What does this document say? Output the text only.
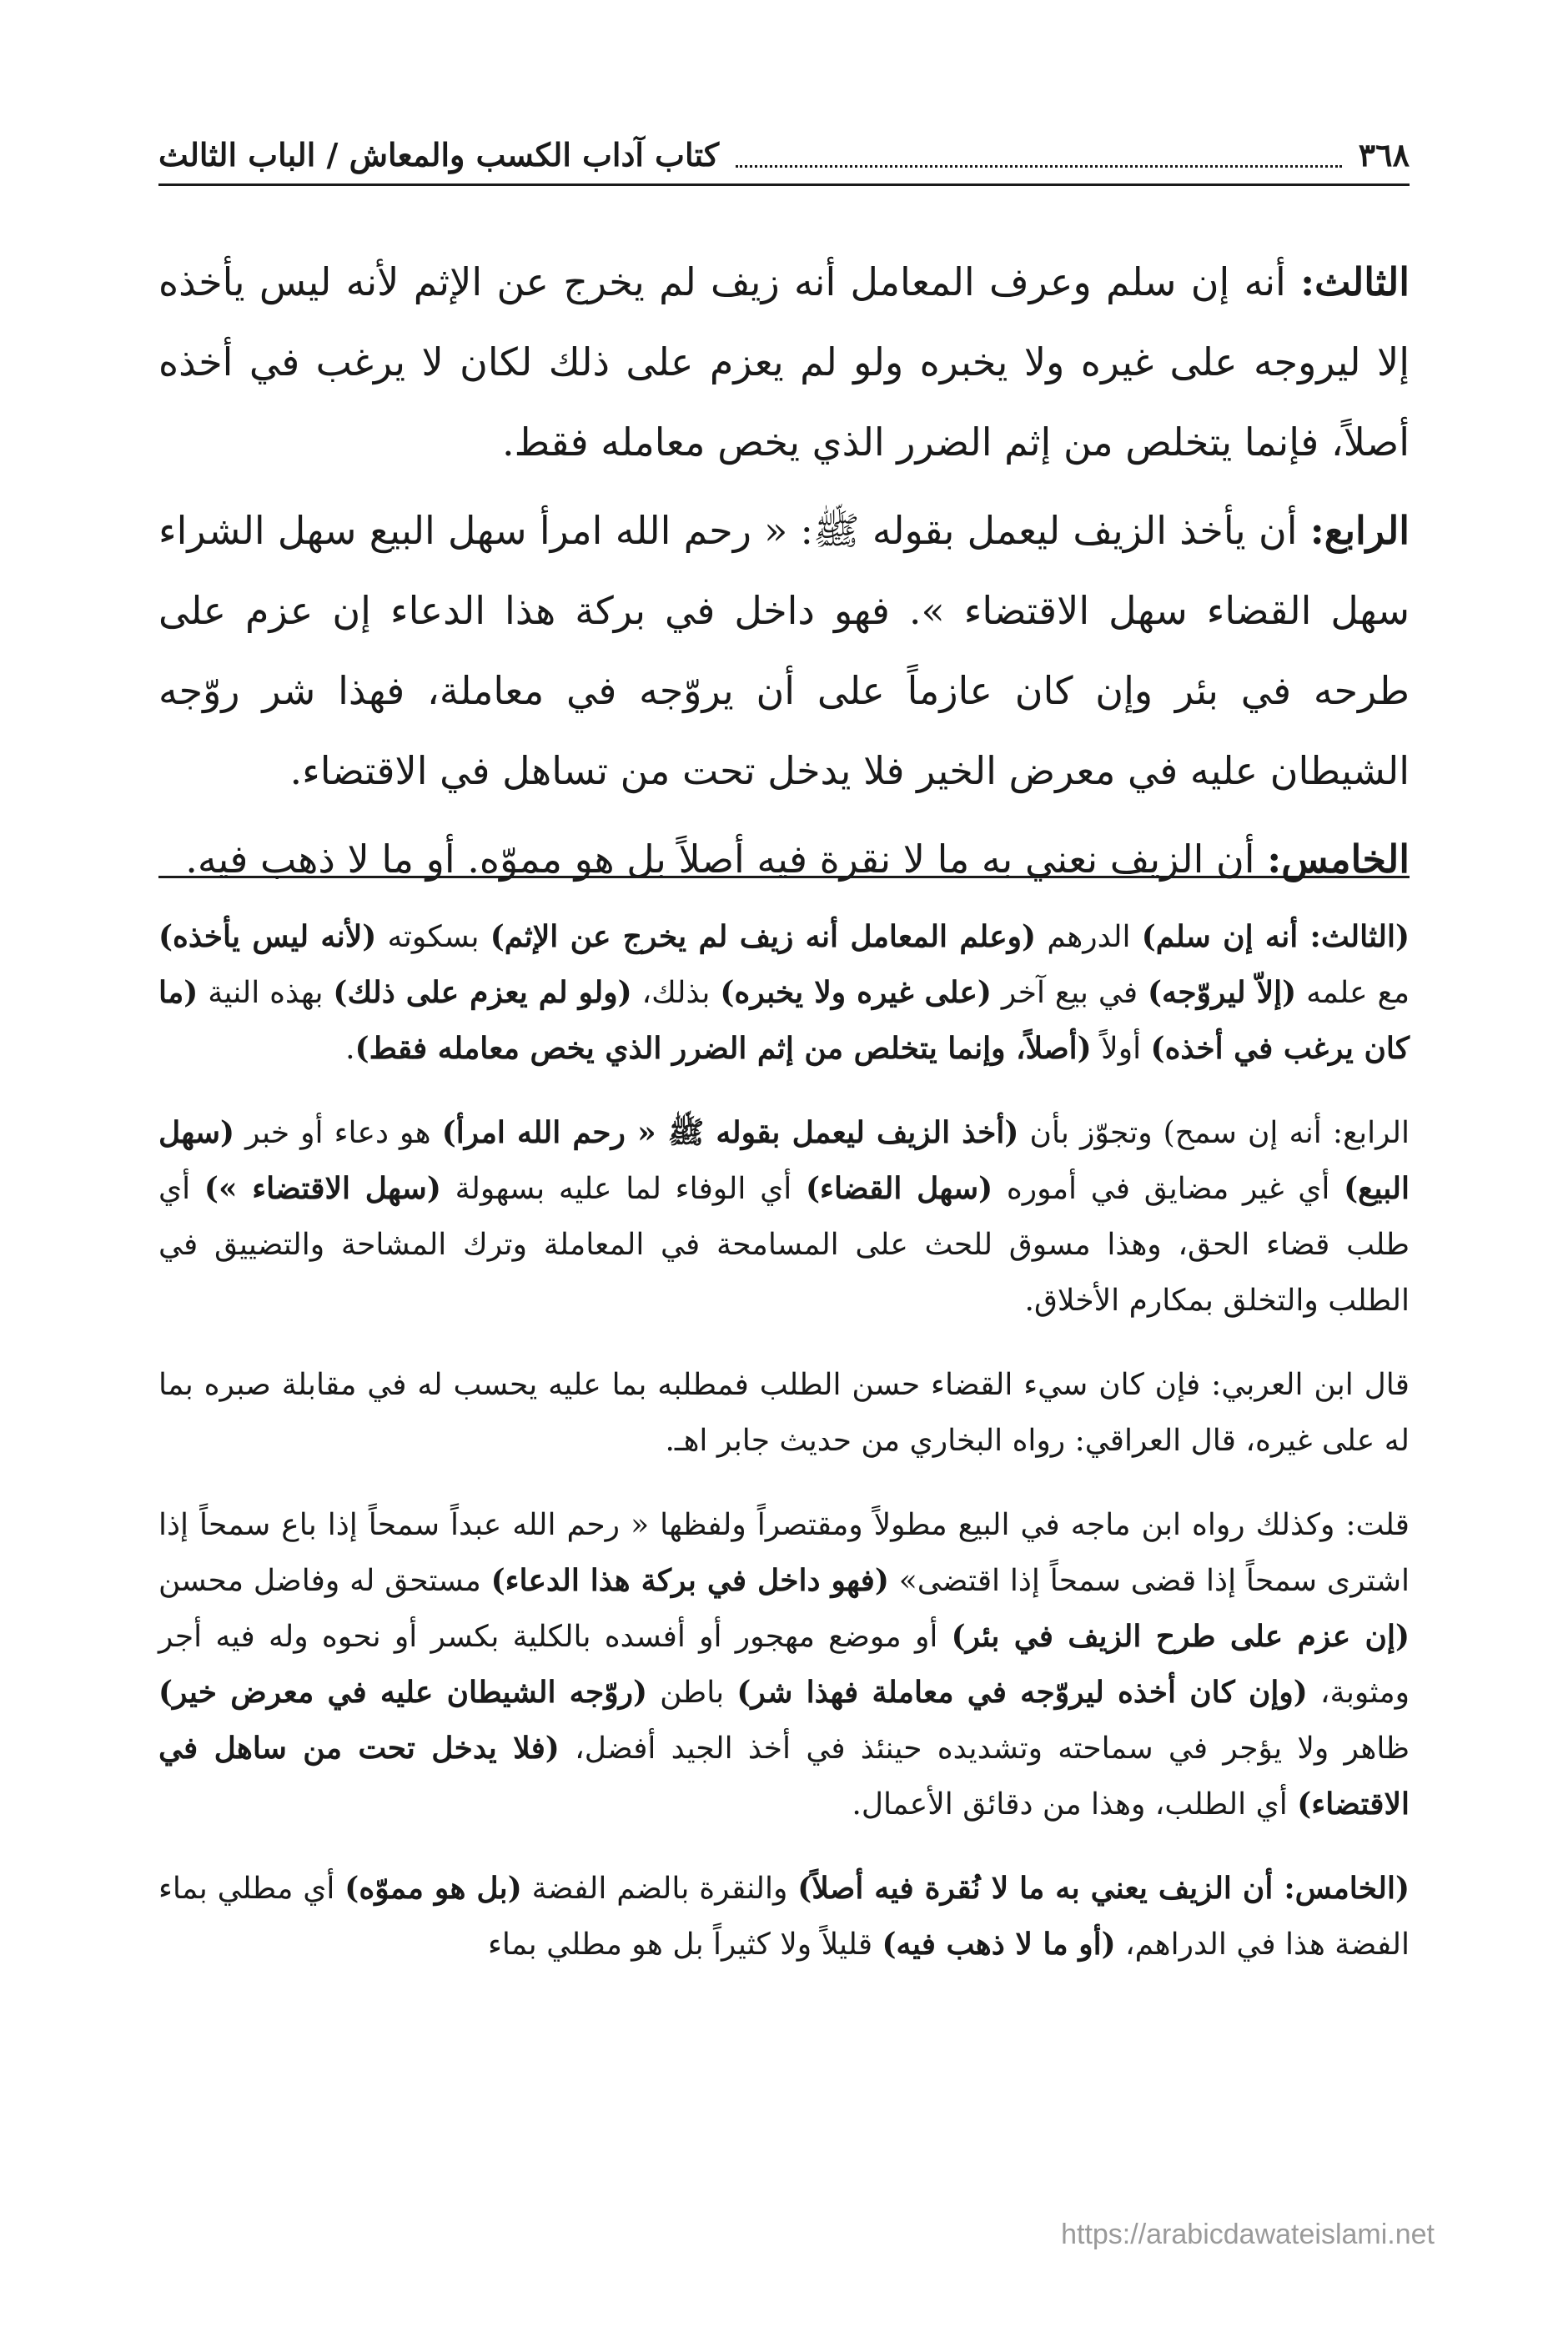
٣٦٨
كتاب آداب الكسب والمعاش / الباب الثالث

الثالث: أنه إن سلم وعرف المعامل أنه زيف لم يخرج عن الإثم لأنه ليس يأخذه إلا ليروجه على غيره ولا يخبره ولو لم يعزم على ذلك لكان لا يرغب في أخذه أصلاً، فإنما يتخلص من إثم الضرر الذي يخص معامله فقط.

الرابع: أن يأخذ الزيف ليعمل بقوله ﷺ: « رحم الله امرأ سهل البيع سهل الشراء سهل القضاء سهل الاقتضاء ». فهو داخل في بركة هذا الدعاء إن عزم على طرحه في بئر وإن كان عازماً على أن يروّجه في معاملة، فهذا شر روّجه الشيطان عليه في معرض الخير فلا يدخل تحت من تساهل في الاقتضاء.

الخامس: أن الزيف نعني به ما لا نقرة فيه أصلاً بل هو مموّه. أو ما لا ذهب فيه.

(الثالث: أنه إن سلم) الدرهم (وعلم المعامل أنه زيف لم يخرج عن الإثم) بسكوته (لأنه ليس يأخذه) مع علمه (إلاّ ليروّجه) في بيع آخر (على غيره ولا يخبره) بذلك، (ولو لم يعزم على ذلك) بهذه النية (ما كان يرغب في أخذه) أولاً (أصلاً، وإنما يتخلص من إثم الضرر الذي يخص معامله فقط).

الرابع: أنه إن سمح) وتجوّز بأن (أخذ الزيف ليعمل بقوله ﷺ « رحم الله امرأ) هو دعاء أو خبر (سهل البيع) أي غير مضايق في أموره (سهل القضاء) أي الوفاء لما عليه بسهولة (سهل الاقتضاء ») أي طلب قضاء الحق، وهذا مسوق للحث على المسامحة في المعاملة وترك المشاحة والتضييق في الطلب والتخلق بمكارم الأخلاق.

قال ابن العربي: فإن كان سيء القضاء حسن الطلب فمطلبه بما عليه يحسب له في مقابلة صبره بما له على غيره، قال العراقي: رواه البخاري من حديث جابر اهـ.

قلت: وكذلك رواه ابن ماجه في البيع مطولاً ومقتصراً ولفظها « رحم الله عبداً سمحاً إذا باع سمحاً إذا اشترى سمحاً إذا قضى سمحاً إذا اقتضى» (فهو داخل في بركة هذا الدعاء) مستحق له وفاضل محسن (إن عزم على طرح الزيف في بئر) أو موضع مهجور أو أفسده بالكلية بكسر أو نحوه وله فيه أجر ومثوبة، (وإن كان أخذه ليروّجه في معاملة فهذا شر) باطن (روّجه الشيطان عليه في معرض خير) ظاهر ولا يؤجر في سماحته وتشديده حينئذ في أخذ الجيد أفضل، (فلا يدخل تحت من ساهل في الاقتضاء) أي الطلب، وهذا من دقائق الأعمال.

(الخامس: أن الزيف يعني به ما لا نُقرة فيه أصلاً) والنقرة بالضم الفضة (بل هو مموّه) أي مطلي بماء الفضة هذا في الدراهم، (أو ما لا ذهب فيه) قليلاً ولا كثيراً بل هو مطلي بماء

https://arabicdawateislami.net
